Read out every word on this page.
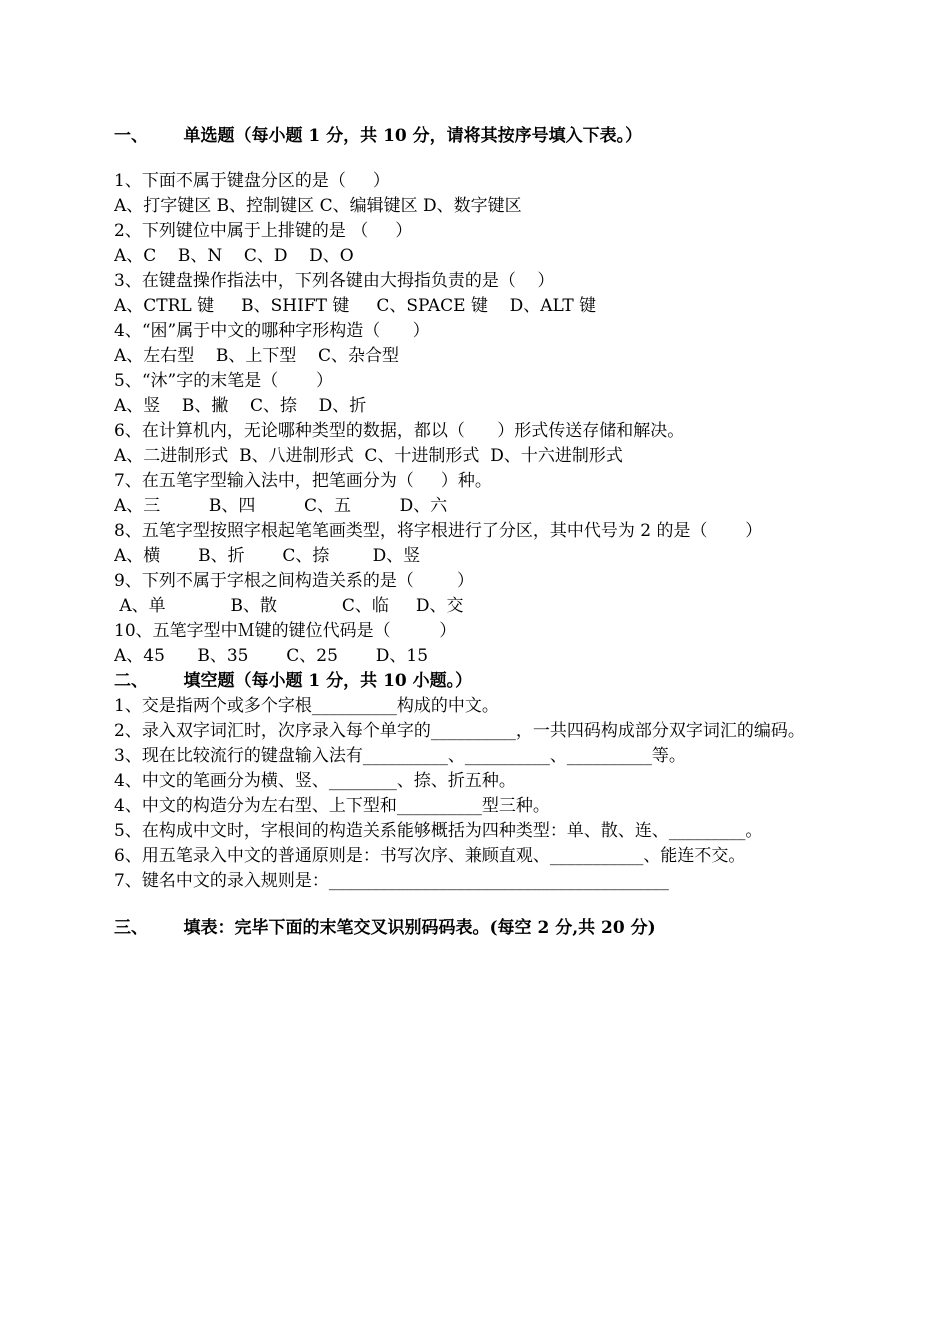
一、      单选题（每小题 1 分，共 10 分，请将其按序号填入下表。）
1、下面不属于键盘分区的是（     ）
A、打字键区 B、控制键区 C、编辑键区 D、数字键区
2、下列键位中属于上排键的是 （     ）
A、C    B、N    C、D    D、O
3、在键盘操作指法中，下列各键由大拇指负责的是（    ）
A、CTRL 键     B、SHIFT 键     C、SPACE 键    D、ALT 键
4、“困”属于中文的哪种字形构造（      ）
A、左右型    B、上下型    C、杂合型
5、“沐”字的末笔是（       ）
A、竖    B、撇    C、捺    D、折
6、在计算机内，无论哪种类型的数据，都以（      ）形式传送存储和解决。
A、二进制形式  B、八进制形式  C、十进制形式  D、十六进制形式
7、在五笔字型输入法中，把笔画分为（     ）种。
A、三         B、四         C、五         D、六
8、五笔字型按照字根起笔笔画类型，将字根进行了分区，其中代号为 2 的是（       ）
A、横       B、折       C、捺        D、竖
9、下列不属于字根之间构造关系的是（        ）
A、单            B、散            C、临     D、交
10、五笔字型中Ｍ键的键位代码是（         ）
A、45      B、35       C、25       D、15
二、      填空题（每小题 1 分，共 10 小题。）
1、交是指两个或多个字根__________构成的中文。
2、录入双字词汇时，次序录入每个单字的__________，一共四码构成部分双字词汇的编码。
3、现在比较流行的键盘输入法有__________、__________、__________等。
4、中文的笔画分为横、竖、________、捺、折五种。
4、中文的构造分为左右型、上下型和__________型三种。
5、在构成中文时，字根间的构造关系能够概括为四种类型：单、散、连、_________。
6、用五笔录入中文的普通原则是：书写次序、兼顾直观、___________、能连不交。
7、键名中文的录入规则是：________________________________________
三、      填表：完毕下面的末笔交叉识别码码表。(每空 2 分,共 20 分)
